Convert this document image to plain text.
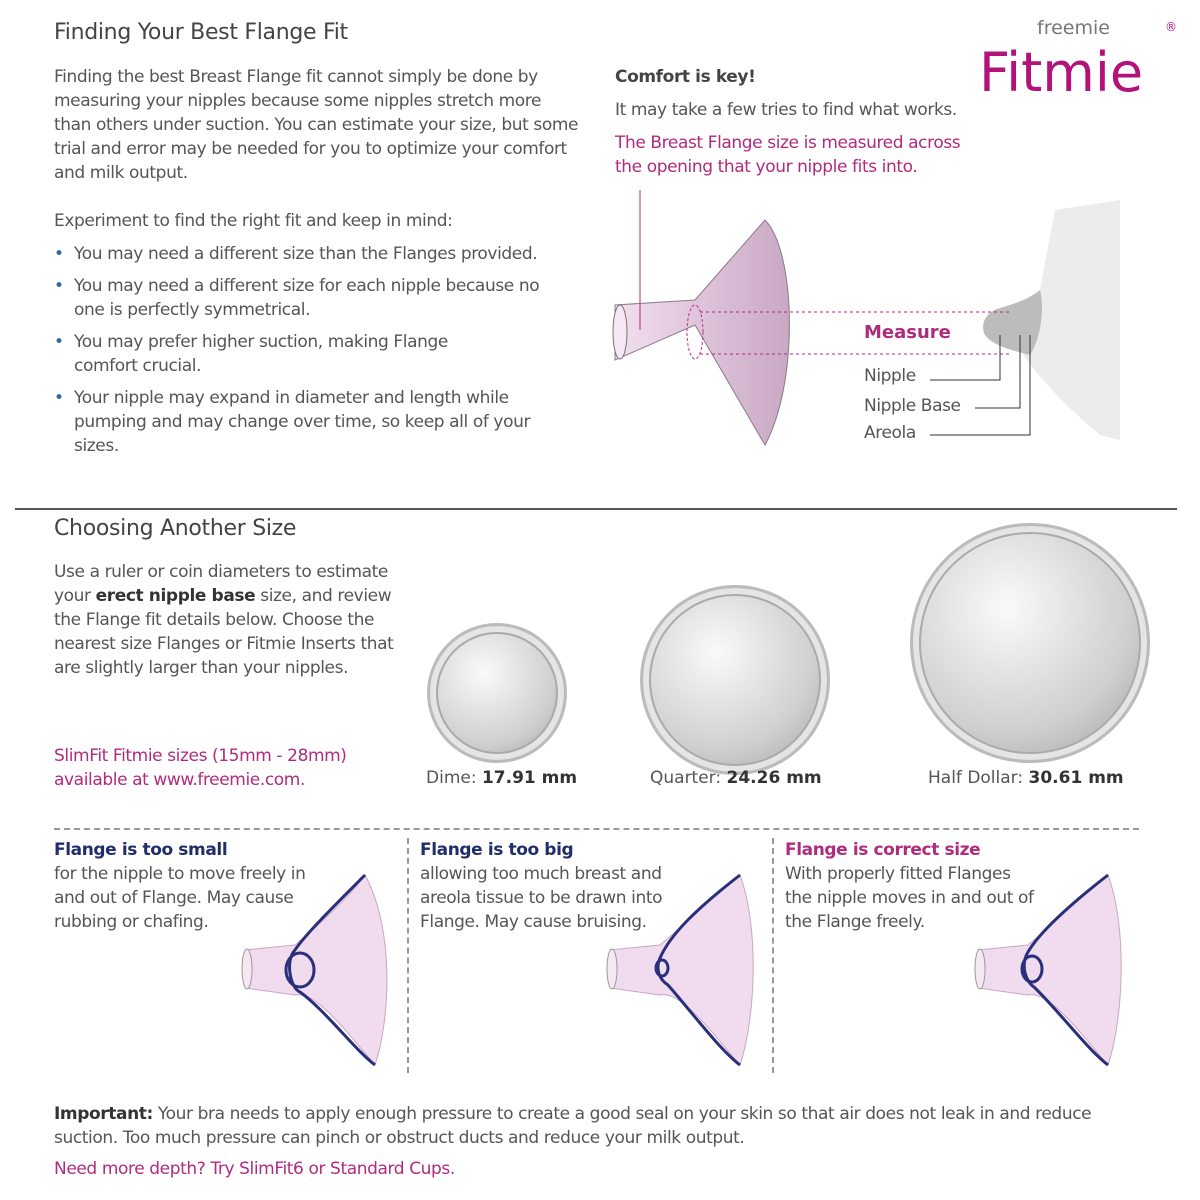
freemie	®
Fitmie
Finding Your Best Flange Fit

Finding the best Breast Flange fit cannot simply be done by measuring your nipples because some nipples stretch more than others under suction. You can estimate your size, but some trial and error may be needed for you to optimize your comfort and milk output.

Experiment to find the right fit and keep in mind:

• You may need a different size than the Flanges provided.
• You may need a different size for each nipple because no one is perfectly symmetrical.
• You may prefer higher suction, making Flange comfort crucial.
• Your nipple may expand in diameter and length while pumping and may change over time, so keep all of your sizes.

Comfort is key!

It may take a few tries to find what works.

The Breast Flange size is measured across the opening that your nipple fits into.

Measure

Nipple

Nipple Base

Areola

Choosing Another Size

Use a ruler or coin diameters to estimate your erect nipple base size, and review the Flange fit details below. Choose the nearest size Flanges or Fitmie Inserts that are slightly larger than your nipples.

SlimFit Fitmie sizes (15mm - 28mm) available at www.freemie.com.	Dime: 17.91 mm	Quarter: 24.26 mm	Half Dollar: 30.61 mm

Flange is too small

for the nipple to move freely in and out of Flange. May cause rubbing or chafing.

Flange is too big

allowing too much breast and areola tissue to be drawn into Flange. May cause bruising.

Flange is correct size

With properly fitted Flanges the nipple moves in and out of the Flange freely.

Important: Your bra needs to apply enough pressure to create a good seal on your skin so that air does not leak in and reduce suction. Too much pressure can pinch or obstruct ducts and reduce your milk output.

Need more depth? Try SlimFit6 or Standard Cups.
